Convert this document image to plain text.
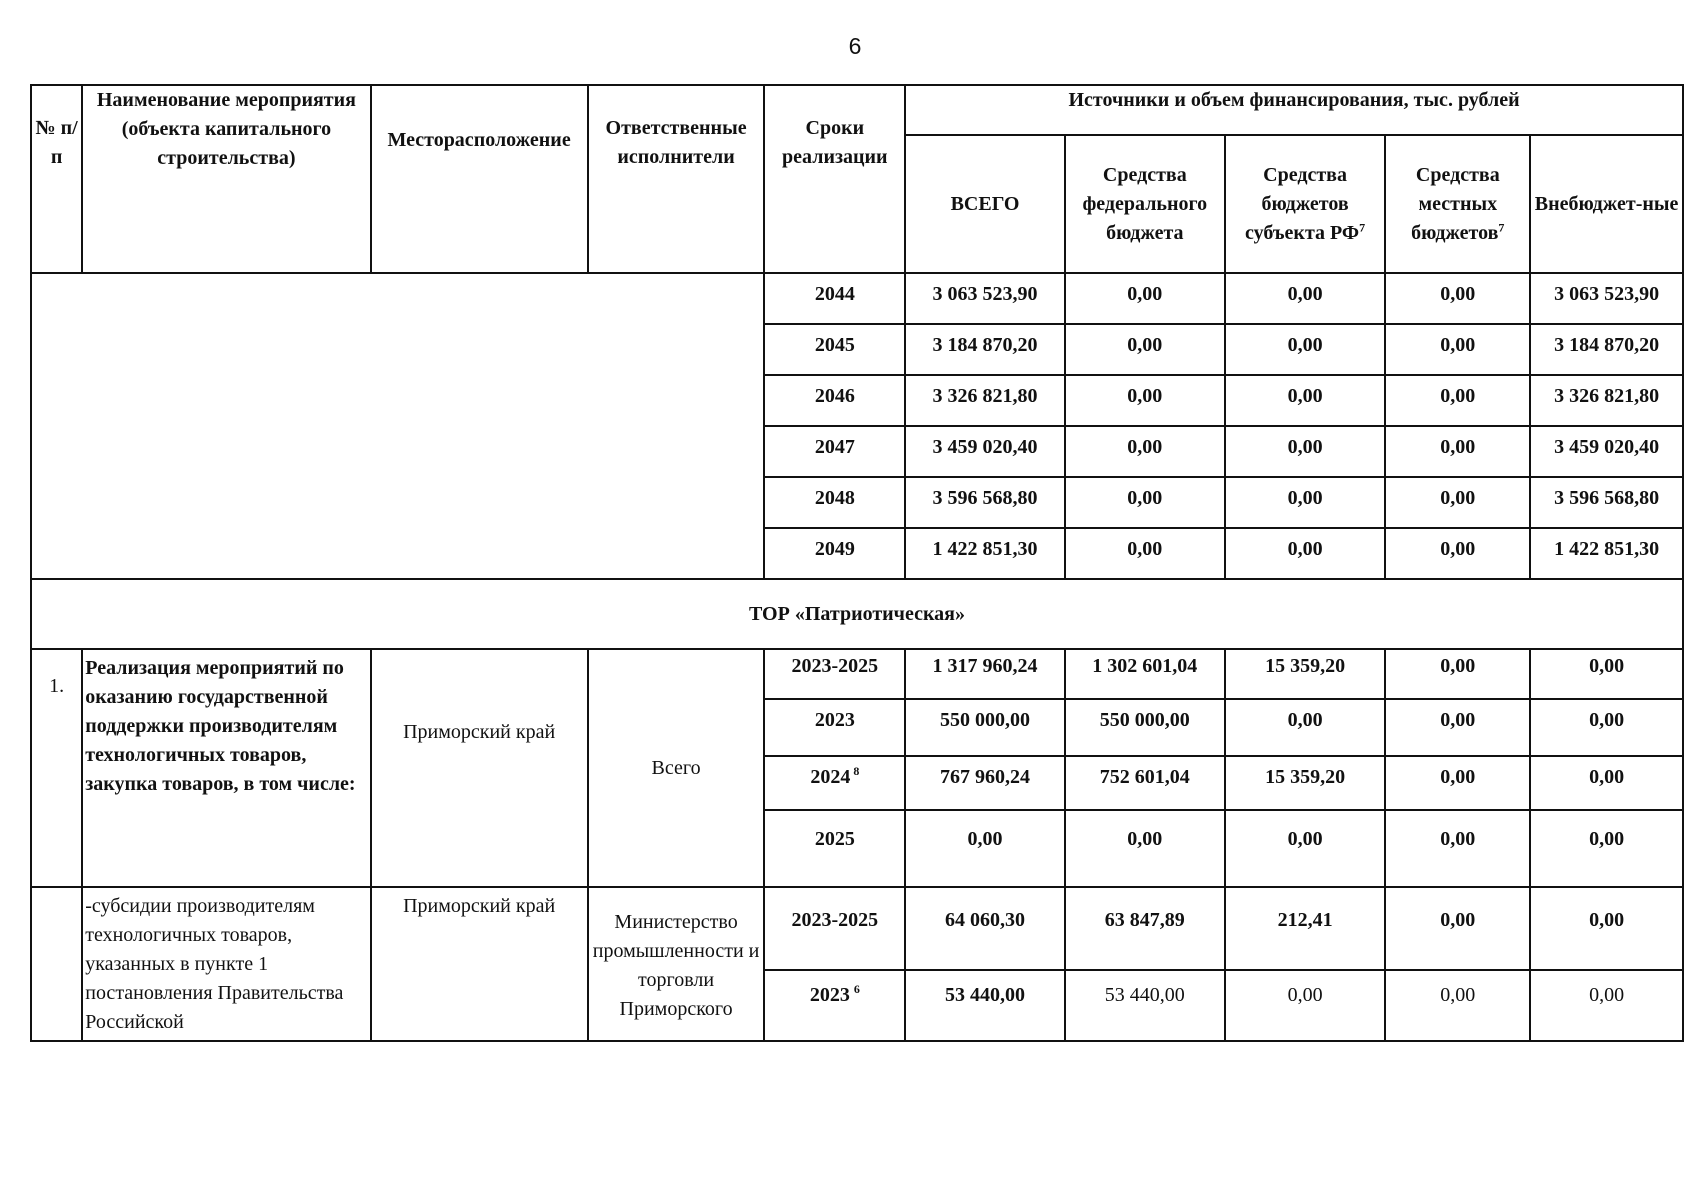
6
№ п/п	Наименование мероприятия (объекта капитального строительства)	Месторасположение	Ответственные исполнители	Сроки реализации	Источники и объем финансирования, тыс. рублей				
					ВСЕГО	Средства федерального бюджета	Средства бюджетов субъекта $РФ^7$	Средства местных бюджетов$^7$	Внебюджет-ные
				2044	3 063 523,90	0,00	0,00	0,00	3 063 523,90
				2045	3 184 870,20	0,00	0,00	0,00	3 184 870,20
				2046	3 326 821,80	0,00	0,00	0,00	3 326 821,80
				2047	3 459 020,40	0,00	0,00	0,00	3 459 020,40
				2048	3 596 568,80	0,00	0,00	0,00	3 596 568,80
				2049	1 422 851,30	0,00	0,00	0,00	1 422 851,30
ТОР «Патриотическая»									
1.	Реализация мероприятий по оказанию государственной поддержки производителям технологичных товаров, закупка товаров, в том числе:	Приморский край	Всего	2023-2025	1 317 960,24	1 302 601,04	15 359,20	0,00	0,00
				2023	550 000,00	550 000,00	0,00	0,00	0,00
				2024 $^8$	767 960,24	752 601,04	15 359,20	0,00	0,00
				2025	0,00	0,00	0,00	0,00	0,00
	-субсидии производителям технологичных товаров, указанных в пункте 1 постановления Правительства Российской	Приморский край	Министерство промышленности и торговли Приморского	2023-2025	64 060,30	63 847,89	212,41	0,00	0,00
				2023 $^6$	53 440,00	53 440,00	0,00	0,00	0,00
